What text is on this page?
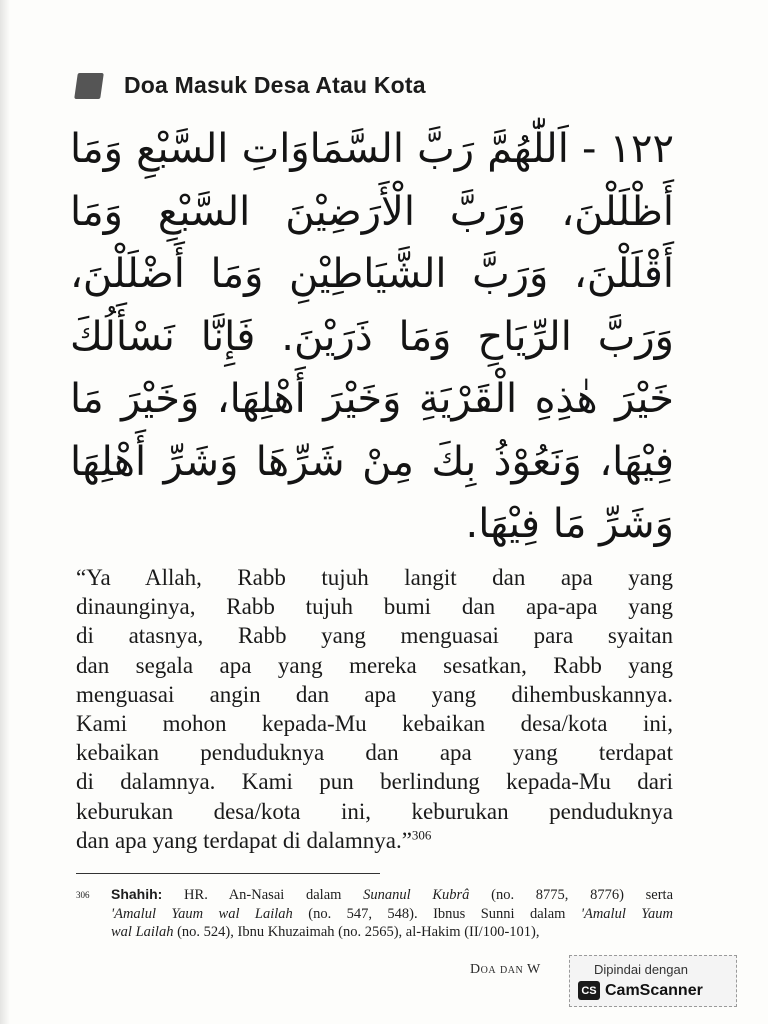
Doa Masuk Desa Atau Kota
١٢٢ - اَللّٰهُمَّ رَبَّ السَّمَاوَاتِ السَّبْعِ وَمَا
أَظْلَلْنَ، وَرَبَّ الْأَرَضِيْنَ السَّبْعِ وَمَا
أَقْلَلْنَ، وَرَبَّ الشَّيَاطِيْنِ وَمَا أَضْلَلْنَ،
وَرَبَّ الرِّيَاحِ وَمَا ذَرَيْنَ. فَإِنَّا نَسْأَلُكَ
خَيْرَ هٰذِهِ الْقَرْيَةِ وَخَيْرَ أَهْلِهَا، وَخَيْرَ مَا
فِيْهَا، وَنَعُوْذُ بِكَ مِنْ شَرِّهَا وَشَرِّ أَهْلِهَا
وَشَرِّ مَا فِيْهَا.
“Ya Allah, Rabb tujuh langit dan apa yang
dinaunginya, Rabb tujuh bumi dan apa-apa yang
di atasnya, Rabb yang menguasai para syaitan
dan segala apa yang mereka sesatkan, Rabb yang
menguasai angin dan apa yang dihembuskannya.
Kami mohon kepada-Mu kebaikan desa/kota ini,
kebaikan penduduknya dan apa yang terdapat
di dalamnya. Kami pun berlindung kepada-Mu dari
keburukan desa/kota ini, keburukan penduduknya
dan apa yang terdapat di dalamnya.”$^{306}$
306 Shahih: HR. An-Nasai dalam Sunanul Kubrâ (no. 8775, 8776) serta
'Amalul Yaum wal Lailah (no. 547, 548). Ibnus Sunni dalam 'Amalul Yaum
wal Lailah (no. 524), Ibnu Khuzaimah (no. 2565), al-Hakim (II/100-101),
Doa dan W	Dipindai dengan
CS CamScanner
